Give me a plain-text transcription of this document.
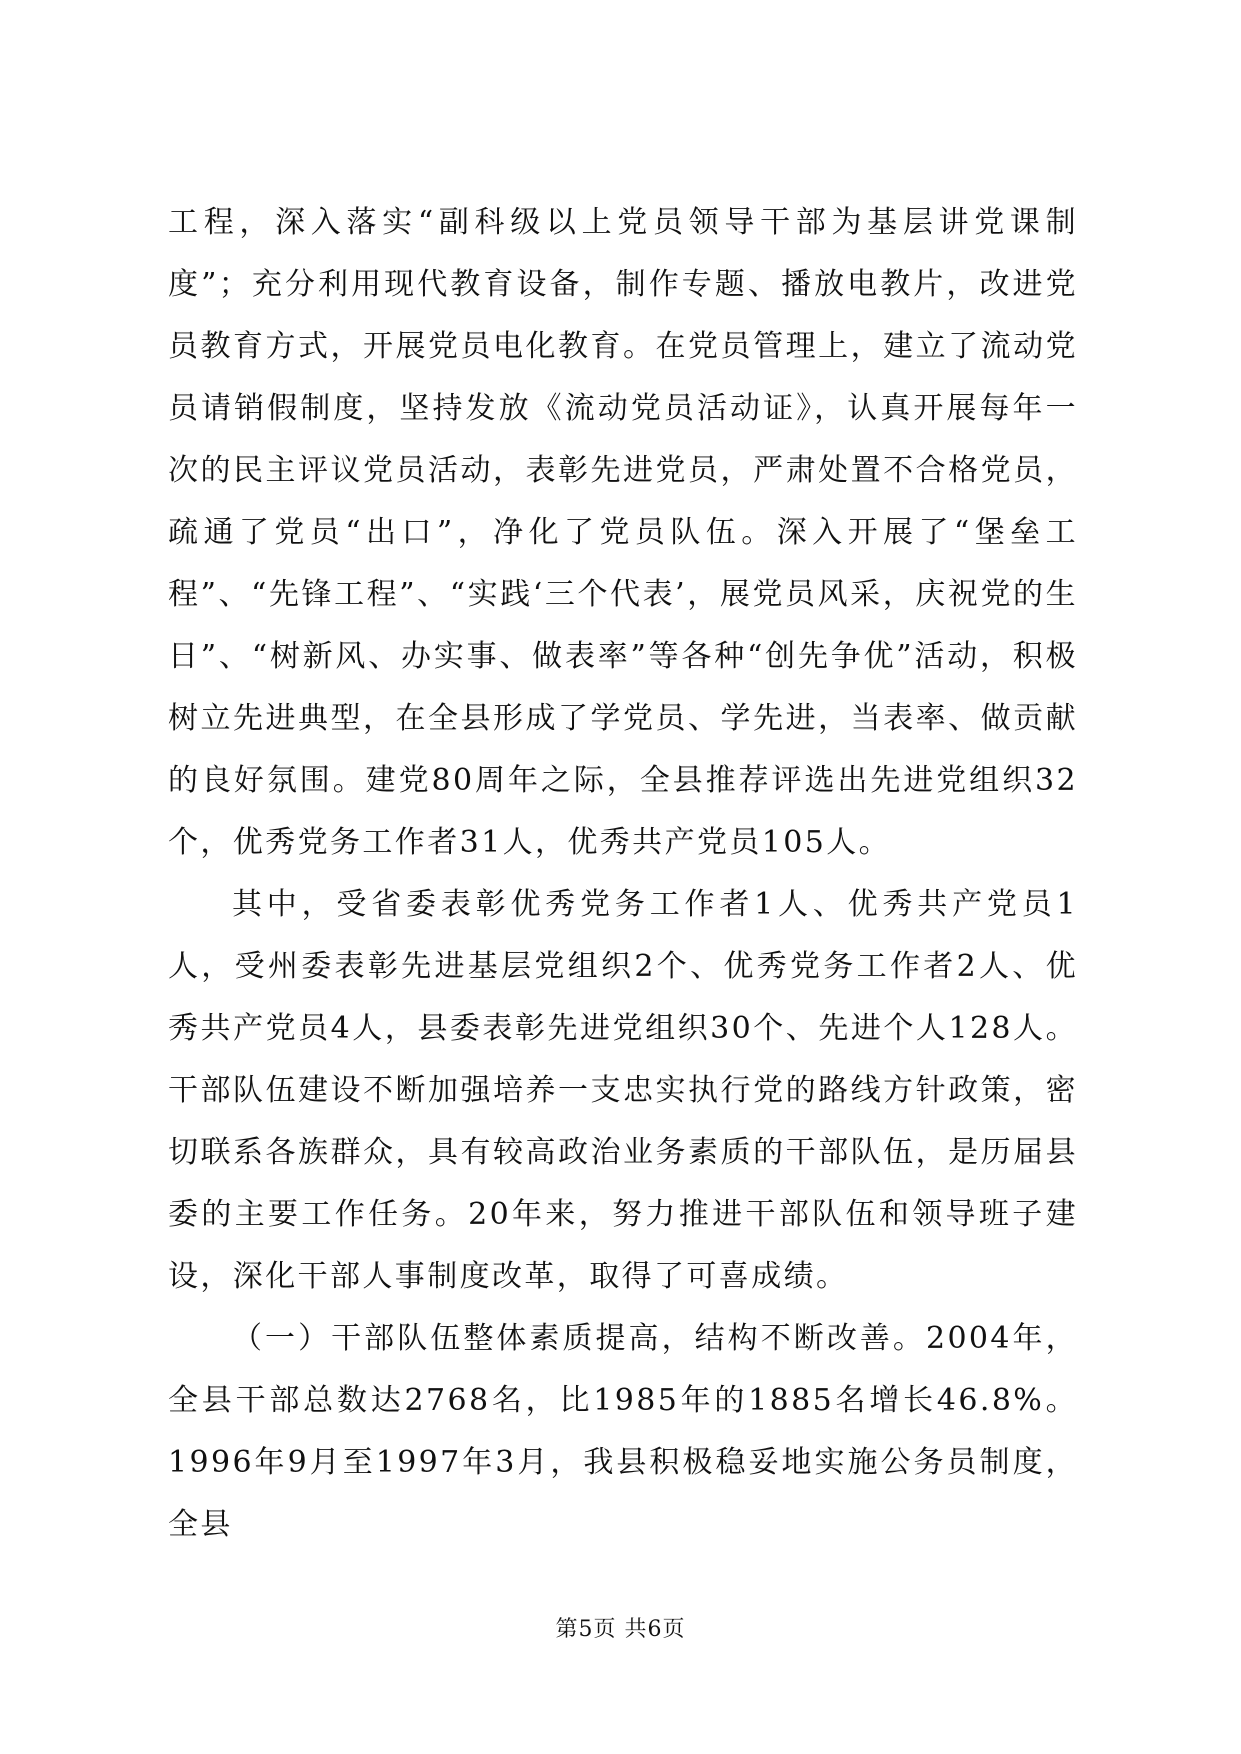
工程，深入落实“副科级以上党员领导干部为基层讲党课制度”；充分利用现代教育设备，制作专题、播放电教片，改进党员教育方式，开展党员电化教育。在党员管理上，建立了流动党员请销假制度，坚持发放《流动党员活动证》，认真开展每年一次的民主评议党员活动，表彰先进党员，严肃处置不合格党员，疏通了党员“出口”，净化了党员队伍。深入开展了“堡垒工程”、“先锋工程”、“实践‘三个代表’，展党员风采，庆祝党的生日”、“树新风、办实事、做表率”等各种“创先争优”活动，积极树立先进典型，在全县形成了学党员、学先进，当表率、做贡献的良好氛围。建党80周年之际，全县推荐评选出先进党组织32个，优秀党务工作者31人，优秀共产党员105人。

其中，受省委表彰优秀党务工作者1人、优秀共产党员1人，受州委表彰先进基层党组织2个、优秀党务工作者2人、优秀共产党员4人，县委表彰先进党组织30个、先进个人128人。干部队伍建设不断加强培养一支忠实执行党的路线方针政策，密切联系各族群众，具有较高政治业务素质的干部队伍，是历届县委的主要工作任务。20年来，努力推进干部队伍和领导班子建设，深化干部人事制度改革，取得了可喜成绩。

（一）干部队伍整体素质提高，结构不断改善。2004年，全县干部总数达2768名，比1985年的1885名增长46.8%。1996年9月至1997年3月，我县积极稳妥地实施公务员制度，全县

第5页 共6页
